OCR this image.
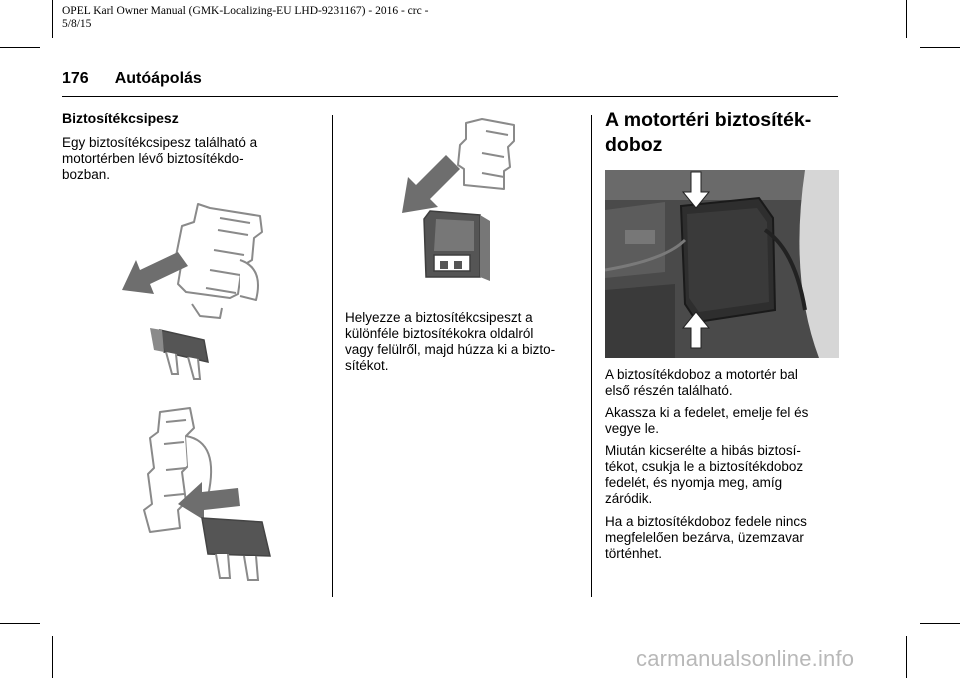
OPEL Karl Owner Manual (GMK-Localizing-EU LHD-9231167) - 2016 - crc -
5/8/15
176 Autóápolás
Biztosítékcsipesz
Egy biztosítékcsipesz található a
motortérben lévő biztosítékdo-
bozban.
Helyezze a biztosítékcsipeszt a
különféle biztosítékokra oldalról
vagy felülről, majd húzza ki a bizto-
sítékot.
A motortéri biztosíték-
doboz
A biztosítékdoboz a motortér bal
első részén található.
Akassza ki a fedelet, emelje fel és
vegye le.
Miután kicserélte a hibás biztosí-
tékot, csukja le a biztosítékdoboz
fedelét, és nyomja meg, amíg
záródik.
Ha a biztosítékdoboz fedele nincs
megfelelően bezárva, üzemzavar
történhet.
carmanualsonline.info
